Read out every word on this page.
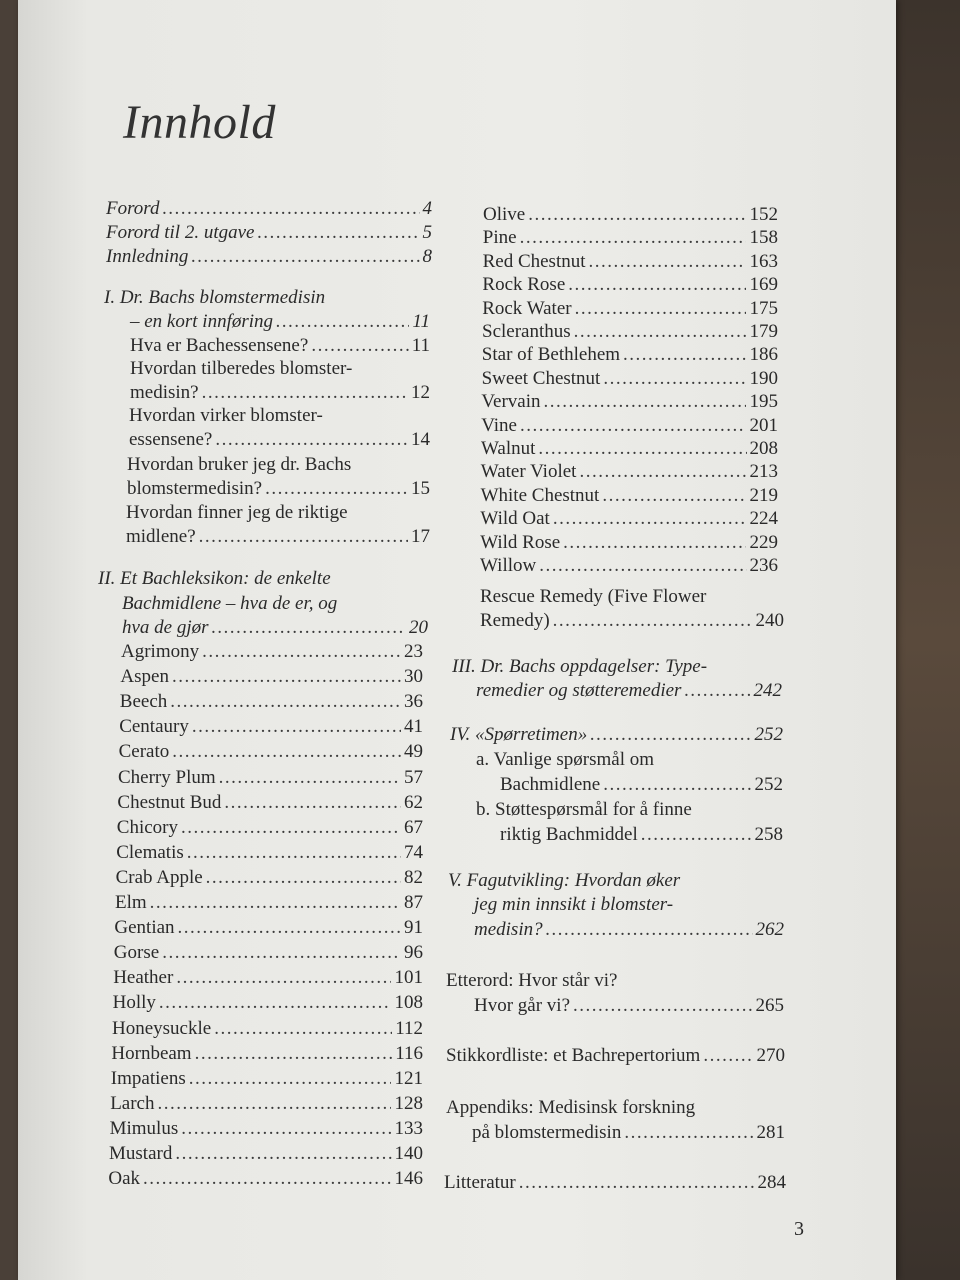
Innhold
Forord .....	4
Forord til 2. utgave .....	5
Innledning .....	8
I. Dr. Bachs blomstermedisin
– en kort innføring .....	11
Hva er Bachessensene? .....	11
Hvordan tilberedes blomster-
medisin? .....	12
Hvordan virker blomster-
essensene? .....	14
Hvordan bruker jeg dr. Bachs
blomstermedisin? .....	15
Hvordan finner jeg de riktige
midlene? .....	17
II. Et Bachleksikon: de enkelte
Bachmidlene – hva de er, og
hva de gjør .....	20
Agrimony .....	23
Aspen .....	30
Beech .....	36
Centaury .....	41
Cerato .....	49
Cherry Plum .....	57
Chestnut Bud .....	62
Chicory .....	67
Clematis .....	74
Crab Apple .....	82
Elm .....	87
Gentian .....	91
Gorse .....	96
Heather .....	101
Holly .....	108
Honeysuckle .....	112
Hornbeam .....	116
Impatiens .....	121
Larch .....	128
Mimulus .....	133
Mustard .....	140
Oak .....	146
Olive .....	152
Pine .....	158
Red Chestnut .....	163
Rock Rose .....	169
Rock Water .....	175
Scleranthus .....	179
Star of Bethlehem .....	186
Sweet Chestnut .....	190
Vervain .....	195
Vine .....	201
Walnut .....	208
Water Violet .....	213
White Chestnut .....	219
Wild Oat .....	224
Wild Rose .....	229
Willow .....	236
Rescue Remedy (Five Flower
Remedy) .....	240
III. Dr. Bachs oppdagelser: Type-
remedier og støtteremedier .....	242
IV. «Spørretimen» .....	252
a. Vanlige spørsmål om
Bachmidlene .....	252
b. Støttespørsmål for å finne
riktig Bachmiddel .....	258
V. Fagutvikling: Hvordan øker
jeg min innsikt i blomster-
medisin? .....	262
Etterord: Hvor står vi?
Hvor går vi? .....	265
Stikkordliste: et Bachrepertorium .....	270
Appendiks: Medisinsk forskning
på blomstermedisin .....	281
Litteratur .....	284
3
